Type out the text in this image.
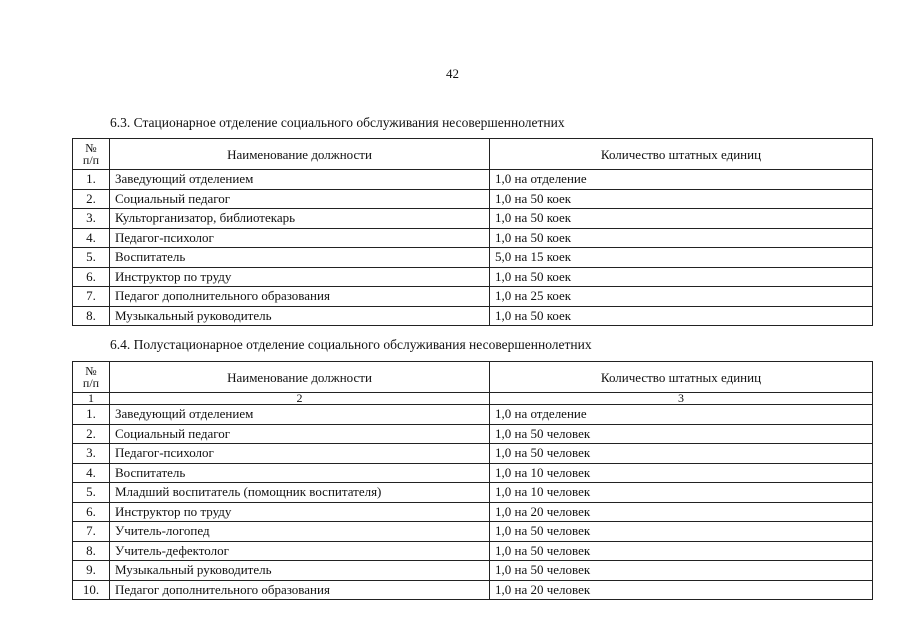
42
6.3. Стационарное отделение социального обслуживания несовершеннолетних
№
п/п	Наименование должности	Количество штатных единиц
1.	Заведующий отделением	1,0 на отделение
2.	Социальный педагог	1,0 на 50 коек
3.	Культорганизатор, библиотекарь	1,0 на 50 коек
4.	Педагог-психолог	1,0 на 50 коек
5.	Воспитатель	5,0 на 15 коек
6.	Инструктор по труду	1,0 на 50 коек
7.	Педагог дополнительного образования	1,0 на 25 коек
8.	Музыкальный руководитель	1,0 на 50 коек
6.4. Полустационарное отделение социального обслуживания несовершеннолетних
№
п/п	Наименование должности	Количество штатных единиц
1	2	3
1.	Заведующий отделением	1,0 на отделение
2.	Социальный педагог	1,0 на 50 человек
3.	Педагог-психолог	1,0 на 50 человек
4.	Воспитатель	1,0 на 10 человек
5.	Младший воспитатель (помощник воспитателя)	1,0 на 10 человек
6.	Инструктор по труду	1,0 на 20 человек
7.	Учитель-логопед	1,0 на 50 человек
8.	Учитель-дефектолог	1,0 на 50 человек
9.	Музыкальный руководитель	1,0 на 50 человек
10.	Педагог дополнительного образования	1,0 на 20 человек
